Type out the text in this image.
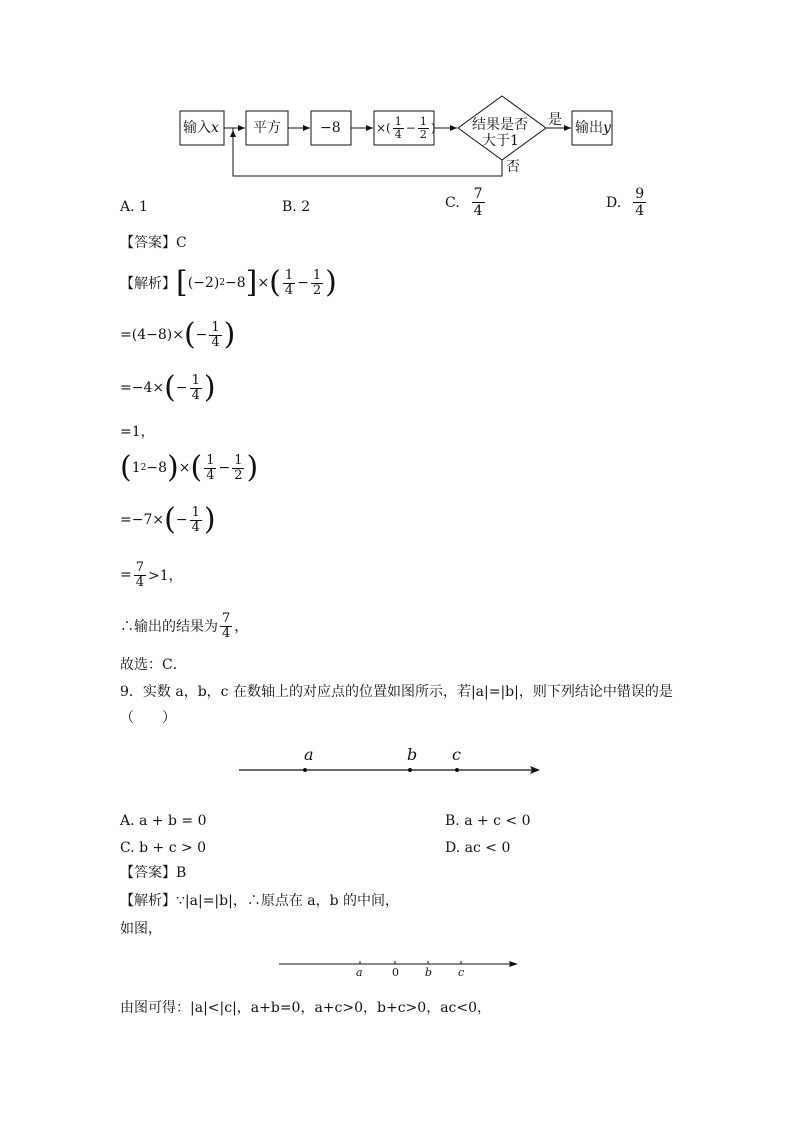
输入x 平方	−8	×( $\frac{1}{4} - \frac{1}{2}$ )	结果是否
大于1
是
否
输出y
A. 1	B. 2	C. $\frac{7}{4}$	D. $\frac{9}{4}$
【答案】C
【解析】 [ (−2) 2 −8 ] × ( $\frac{1}{4} - \frac{1}{2}$ )
=(4−8)× ( − $\frac{1}{4}$ )
=−4× ( − $\frac{1}{4}$ )
=1，
( 1 2 −8 ) × ( $\frac{1}{4} - \frac{1}{2}$ )
=−7× ( − $\frac{1}{4}$ )
= $\frac{7}{4} >1$，
∴输出的结果为 $\frac{7}{4}$ ，
故选：C．
9．实数 a，b，c 在数轴上的对应点的位置如图所示，若|a|=|b|，则下列结论中错误的是
（　　）
a	b c
A. a + b = 0	B. a + c < 0
C. b + c > 0	D. ac < 0
【答案】B
【解析】∵|a|=|b|，∴原点在 a，b 的中间，
如图，
a	0 b c
由图可得：|a|<|c|，a+b=0，a+c>0，b+c>0，ac<0，
